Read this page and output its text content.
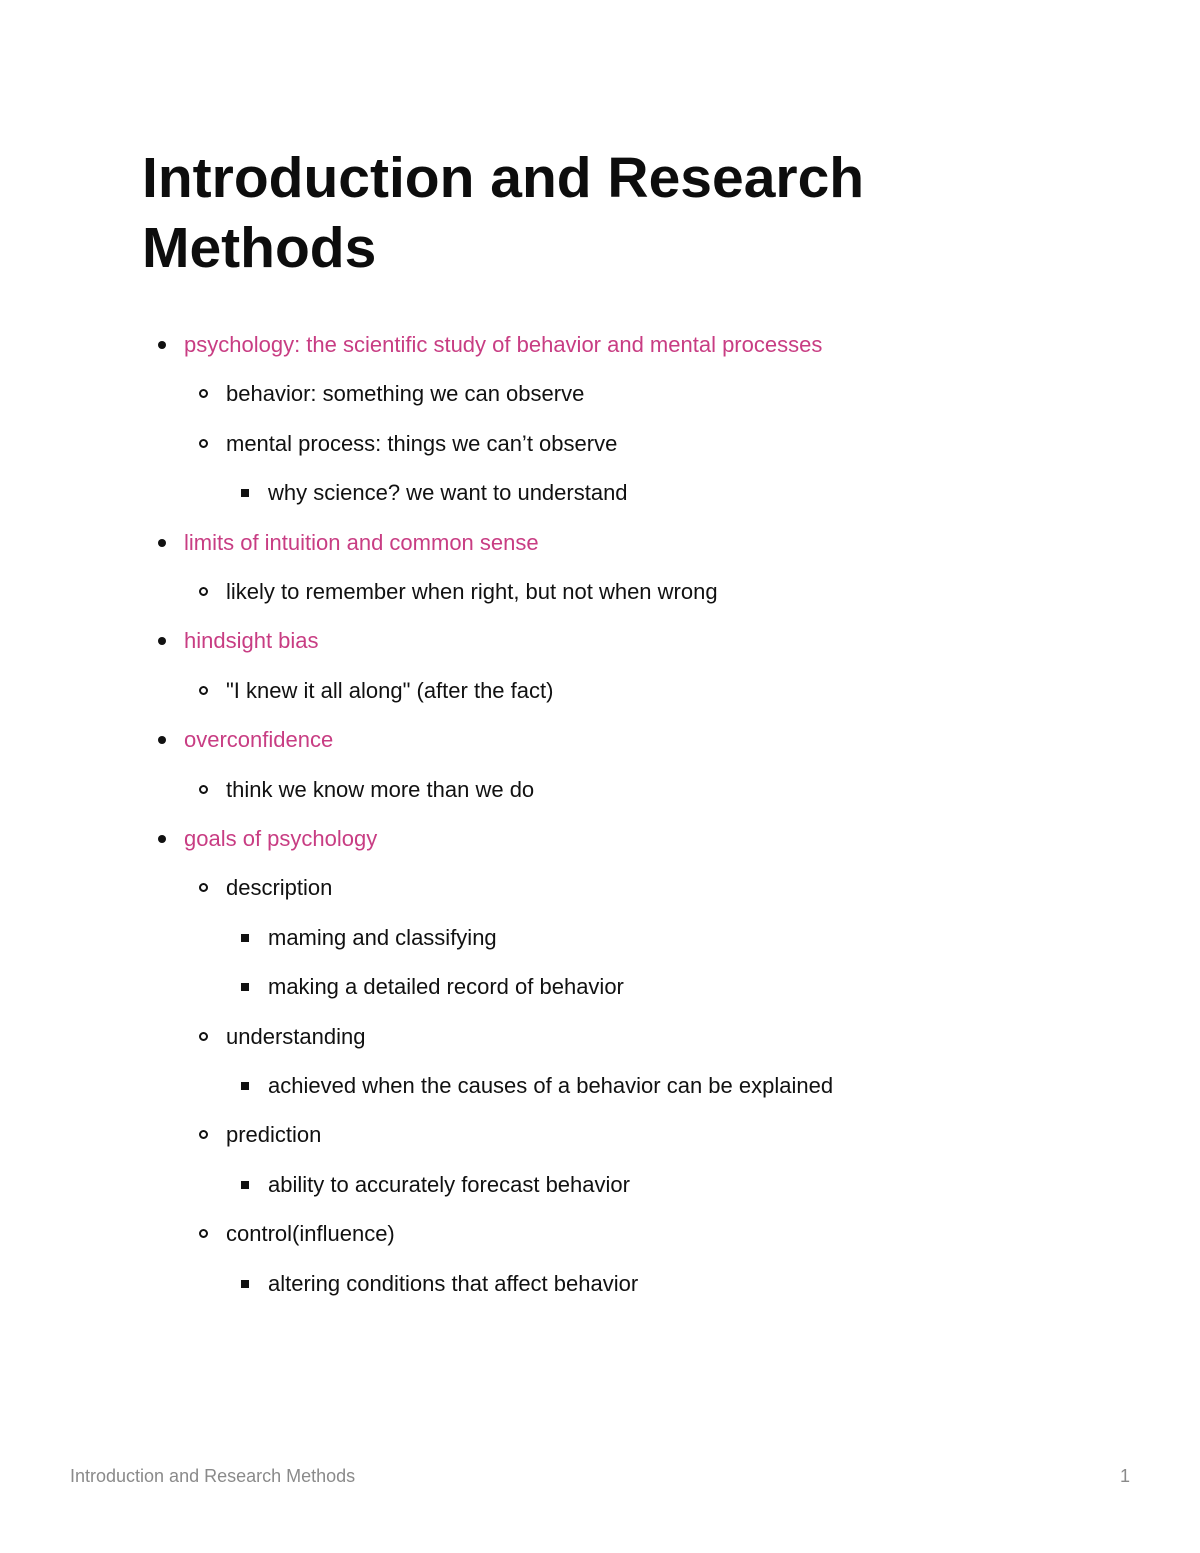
Introduction and Research Methods
psychology: the scientific study of behavior and mental processes
behavior: something we can observe
mental process: things we can’t observe
why science? we want to understand
limits of intuition and common sense
likely to remember when right, but not when wrong
hindsight bias
"I knew it all along" (after the fact)
overconfidence
think we know more than we do
goals of psychology
description
maming and classifying
making a detailed record of behavior
understanding
achieved when the causes of a behavior can be explained
prediction
ability to accurately forecast behavior
control(influence)
altering conditions that affect behavior
Introduction and Research Methods	1
